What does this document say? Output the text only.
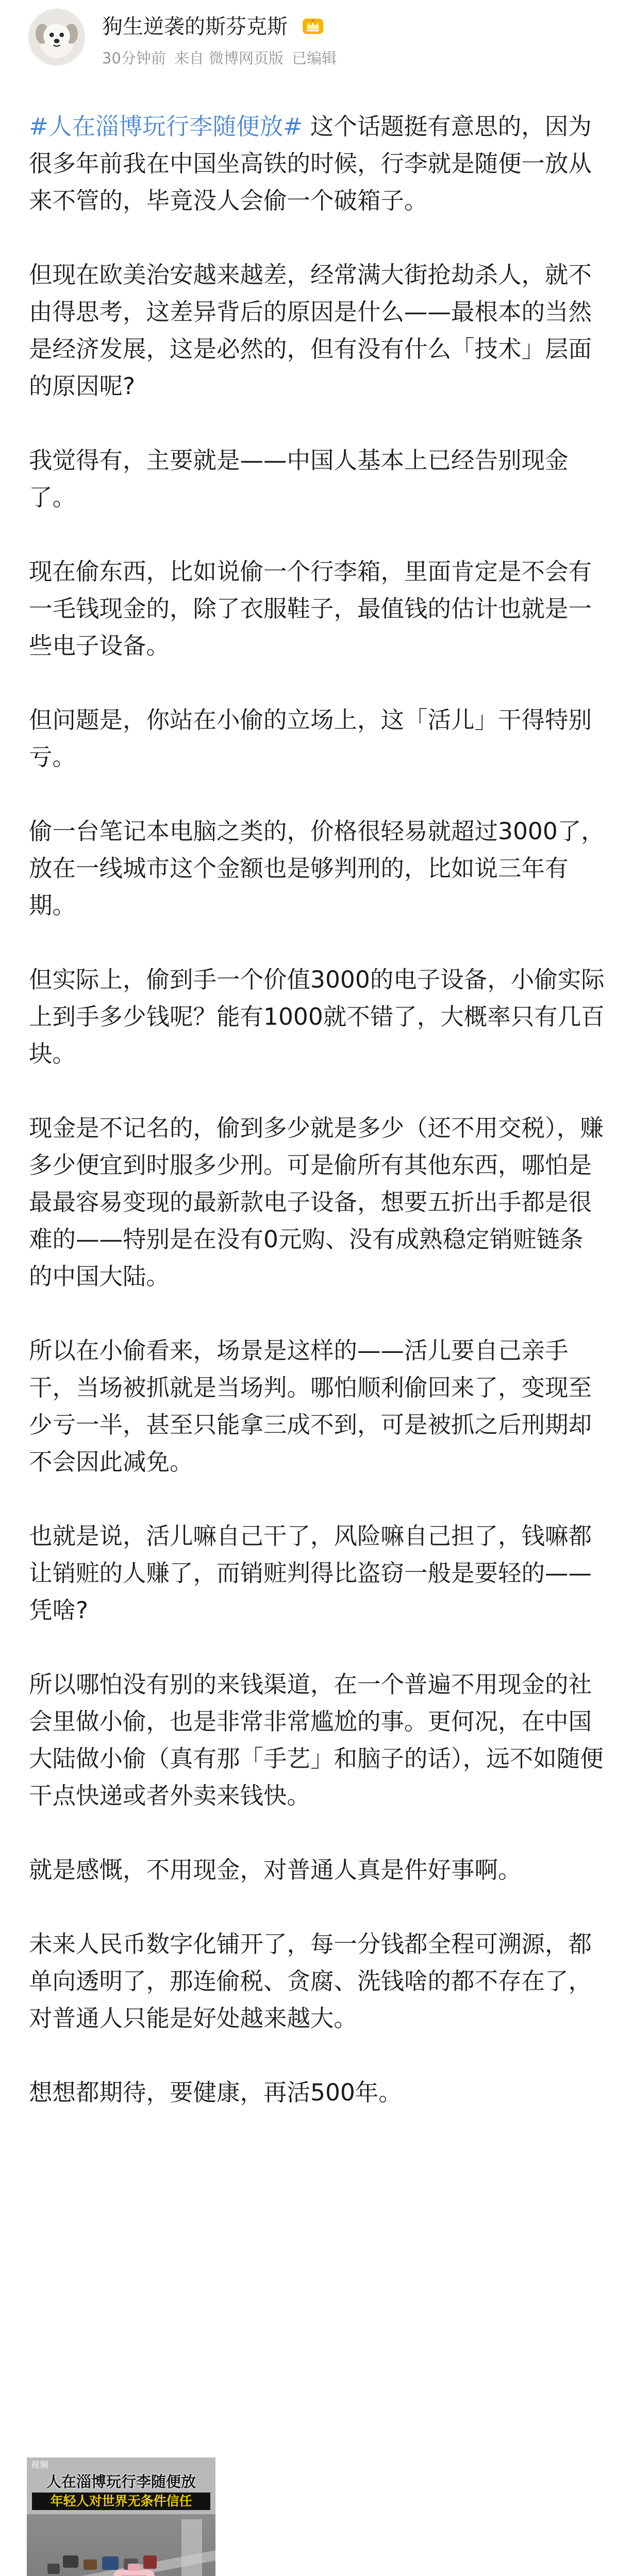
狗生逆袭的斯芬克斯
30分钟前 来自 微博网页版 已编辑

#人在淄博玩行李随便放# 这个话题挺有意思的，因为很多年前我在中国坐高铁的时候，行李就是随便一放从来不管的，毕竟没人会偷一个破箱子。

但现在欧美治安越来越差，经常满大街抢劫杀人，就不由得思考，这差异背后的原因是什么——最根本的当然是经济发展，这是必然的，但有没有什么「技术」层面的原因呢?

我觉得有，主要就是——中国人基本上已经告别现金了。

现在偷东西，比如说偷一个行李箱，里面肯定是不会有一毛钱现金的，除了衣服鞋子，最值钱的估计也就是一些电子设备。

但问题是，你站在小偷的立场上，这「活儿」干得特别亏。

偷一台笔记本电脑之类的，价格很轻易就超过3000了，放在一线城市这个金额也是够判刑的，比如说三年有期。

但实际上，偷到手一个价值3000的电子设备，小偷实际上到手多少钱呢？能有1000就不错了，大概率只有几百块。

现金是不记名的，偷到多少就是多少（还不用交税），赚多少便宜到时服多少刑。可是偷所有其他东西，哪怕是最最容易变现的最新款电子设备，想要五折出手都是很难的——特别是在没有0元购、没有成熟稳定销赃链条的中国大陆。

所以在小偷看来，场景是这样的——活儿要自己亲手干，当场被抓就是当场判。哪怕顺利偷回来了，变现至少亏一半，甚至只能拿三成不到，可是被抓之后刑期却不会因此减免。

也就是说，活儿嘛自己干了，风险嘛自己担了，钱嘛都让销赃的人赚了，而销赃判得比盗窃一般是要轻的——凭啥?

所以哪怕没有别的来钱渠道，在一个普遍不用现金的社会里做小偷，也是非常非常尴尬的事。更何况，在中国大陆做小偷（真有那「手艺」和脑子的话），远不如随便干点快递或者外卖来钱快。

就是感慨，不用现金，对普通人真是件好事啊。

未来人民币数字化铺开了，每一分钱都全程可溯源，都单向透明了，那连偷税、贪腐、洗钱啥的都不存在了，对普通人只能是好处越来越大。

想想都期待，要健康，再活500年。

视频
人在淄博玩行李随便放
年轻人对世界无条件信任
